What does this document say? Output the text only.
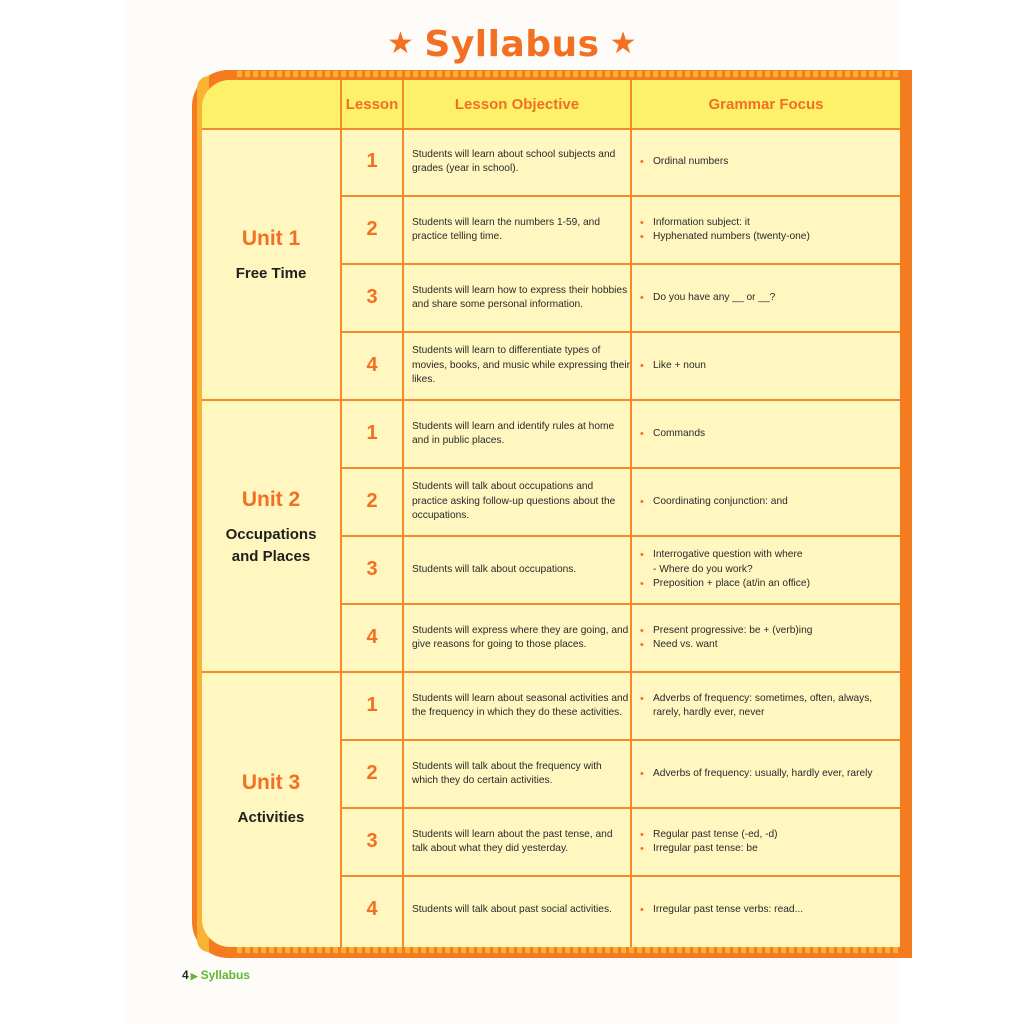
★ Syllabus ★
Lesson	Lesson Objective	Grammar Focus
Unit 1
Free Time
1	Students will learn about school subjects and grades (year in school).
• Ordinal numbers
2	Students will learn the numbers 1-59, and practice telling time.
• Information subject: it
• Hyphenated numbers (twenty-one)
3	Students will learn how to express their hobbies and share some personal information.
• Do you have any __ or __?
4
Students will learn to differentiate types of movies, books, and music while expressing their likes.
• Like + noun
Unit 2
Occupations
and Places
1	Students will learn and identify rules at home and in public places.
• Commands
2
Students will talk about occupations and practice asking follow-up questions about the occupations.
• Coordinating conjunction: and
3	Students will talk about occupations.
• Interrogative question with where
- Where do you work?
• Preposition + place (at/in an office)
4	Students will express where they are going, and give reasons for going to those places.
• Present progressive: be + (verb)ing
• Need vs. want
Unit 3
Activities
1	Students will learn about seasonal activities and the frequency in which they do these activities.
• Adverbs of frequency: sometimes, often, always, rarely, hardly ever, never
2	Students will talk about the frequency with which they do certain activities.
• Adverbs of frequency: usually, hardly ever, rarely
3	Students will learn about the past tense, and talk about what they did yesterday.
• Regular past tense (-ed, -d)
• Irregular past tense: be
4	Students will talk about past social activities.
•	Irregular past tense verbs: read...
4 ▶ Syllabus
